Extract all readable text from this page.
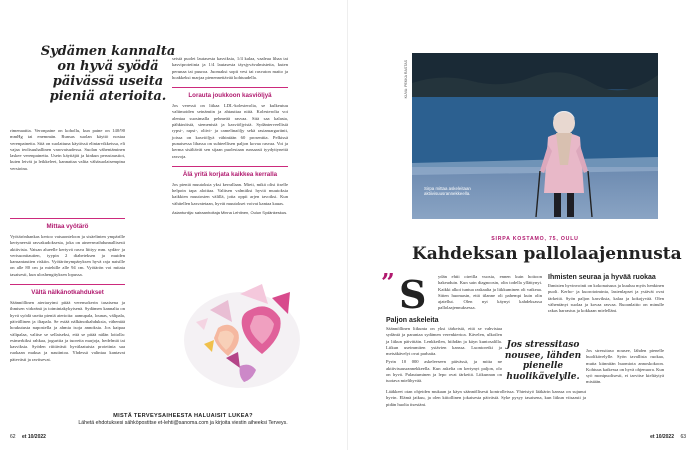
Sydämen kannalta on hyvä syödä päivässä useita pieniä aterioita.

rimenaattia. Veronpaine on kohollu, kun paine on 140/90 mmHg tai enemmän. Runsas suolan käyttö nostaa verenpainetta. Sitä on suolattuna käytössä elintarvikkeissa, eli vajaa teolisuuhallinen varovaisudessa. Suolan vähentäminen laskee verenpainetta. Usein käyttäjät ja kinkun perustaustiot, kuten leivät ja leikkeleet, kannattaa valita vähäsuolaisempina versioina.

Mittaa vyötärö

Vyötärönhankas kertoo vatsaonteloon ja sisäelinten ympärille kertyneestä rasvakudoksesta, joka on aineenvaihdunnallisesti aktiivista. Vatsan alueelle kertyvä rasva liittyy mm. sydän- ja verisuonitautien, tyypin 2 diabeteksen ja muiden kansantautien riskiin. Vyötärönympäryksen hyvä raja naisille on alle 80 cm ja miehille alle 94 cm. Vyötärön voi mitata tasaisesti, kun uloshengityksen lopussa.

Vältä nälkänotkahdukset

Säännöllinen ateriarytmi pitää verensokerin tasaisena ja ihmisen virkeänä ja toimintakykyisenä. Sydämen kannalta on hyvä syödä useita pieniä aterioita: aamupala, lounas, välipala, päivällinen ja iltapala. Se estää nälkänotkahduksia, vähentää houkutusta napostella ja ahmia isoja annoksia. Jos kaipaa välipalaa, valitse se sellaiseksi, että se pitää nälän loitolla: esimerkiksi rahkaa, jogurttia ja tuoreita marjoja, hedelmiä tai kasviksia. Syöden riittävästi hyvälaatuista proteiinia saa ruokaan makua ja nautintoa. Yhdessä valintaa kantavat pätevästi ja ravitsevat.

seistä puolet lautasesta kasviksia, 1/4 kalaa, vaaleaa lihaa tai kasviproteiinia ja 1/4 lautasesta täysjyvävalmisteita, kuten perunaa tai puuroa. Juomaksi sopii vesi tai rasvaton maito ja hoakkeksi marjaa pienennettävää kohtuudella.

Lorauta joukkoon kasviöljyä

Jos veressä on liikaa LDL-kolesterolia, se kulkeutuu valtimoiden seinämiin ja ahtauttaa niitä. Kolesterolia voi alentaa suosimalla pehmeää rasvaa. Sitä saa kalasta, pähkinöistä, siemenistä ja kasviöljyistä. Sydänterveellisiä rypsi-, rapsi-, oliivi- ja camelinaöljy sekä rasiamargariinit, joissa on kasviöljyä vähintään 60 prosenttia. Pelkissä punaisessa lihassa on suhteellisen paljon kovaa rasvaa. Voi ja kerma sisältävät sen sijaan puolestaan runsaasti tyydyttyneitä rasvoja.

Älä yritä korjata kaikkea kerralla

Jos pieniä muutoksia yksi kerrallaan. Mieti, mikä olisi itselle helpoin tapa aloittaa. Valitsen valmiiksi hyviä muutoksia kaikkien muutosten välillä, jotta oppii arjen tavoiksi. Kun vähitellen kasvatetaan, hyvät muutokset voivat kantaa kauas.

Asiantuntija: sairaanhoitaja Minna Lehtinen, Oulun Sydänkeskus.
MISTÄ TERVEYSAIHEESTA HALUAISIT LUKEA?
Lähetä ehdotuksesi sähköpostitse et-lehti@sanoma.com ja kirjoita viestin aiheeksi Terveys.
62 et 10/2022
KUVA: PEKKA RASTAS
Sirpa mittaa askeleitaan aktiivisuusrannekkeella.
SIRPA KOSTAMO, 75, OULU
Kahdeksan pallolaajennusta
” S	ydän ehtii oireilla vuosia, ennen kuin hoitoon hakeuduin. Kun sain diagnoosin, olin todella yllättynyt. Kaikki alkoi tuntua raskaalta ja liikkuminen oli vaikeaa. Sitten huomasin, että tilanne oli pahempi kuin olin ajatellut. Olen nyt käynyt kahdeksassa pallolaajennuksessa.

Paljon askeleita

Säännöllinen liikunta on yksi tärkeistä, että se vahvistaa sydäntä ja parantaa sydämen verenkiertoa. Kävelen, ulkoilen ja liikun päivittäin. Lenkkeilen, hiihdän ja käyn kuntosalilla. Liikun useimmiten ystävien kanssa. Luontoretki ja metsäkävelyt ovat parhaita.

Pyrin 10 000 askeleeseen päivässä, ja mitta ne aktiivisuusrannekkeella. Kun askelia on kertynyt paljon, olo on hyvä. Palautuminen ja lepo ovat tärkeitä. Liikunnan on tuotava mielihyvää.

Jos stressitaso nousee, lähden pienelle huolikävelylle.
Ihmisten seuraa ja hyvää ruokaa

Ihmisten hyvinvointi on kokonaisuus ja kuuluu myös henkinen puoli. Kerho- ja kuorotoiminta, lastenlapset ja ystävät ovat tärkeitä. Syön paljon kasviksia, kalaa ja kokojyvää. Olen vähentänyt suolaa ja kovaa rasvaa. Ruoanlaitto on minulle rakas harrastus ja kokkaan mielelläni.

Jos stressitaso nousee, lähden pienelle huolikävelylle. Syön tavallista ruokaa, mutta kiinnitän huomiota annoskokoon. Kohtuus kaikessa on hyvä ohjenuora. Kun syö monipuolisesti, ei tarvitse kieltäytyä mistään.

Lääkkeet otan ohjeiden mukaan ja käyn säännöllisesti kontrolleissa. Yhteistyö lääkärin kanssa on sujunut hyvin. Elämä jatkuu, ja olen kiitollinen jokaisesta päivästä. Syke pysyy tasaisena, kun liikun viisaasti ja pidän huolta itsestäni.

et 10/2022 63
